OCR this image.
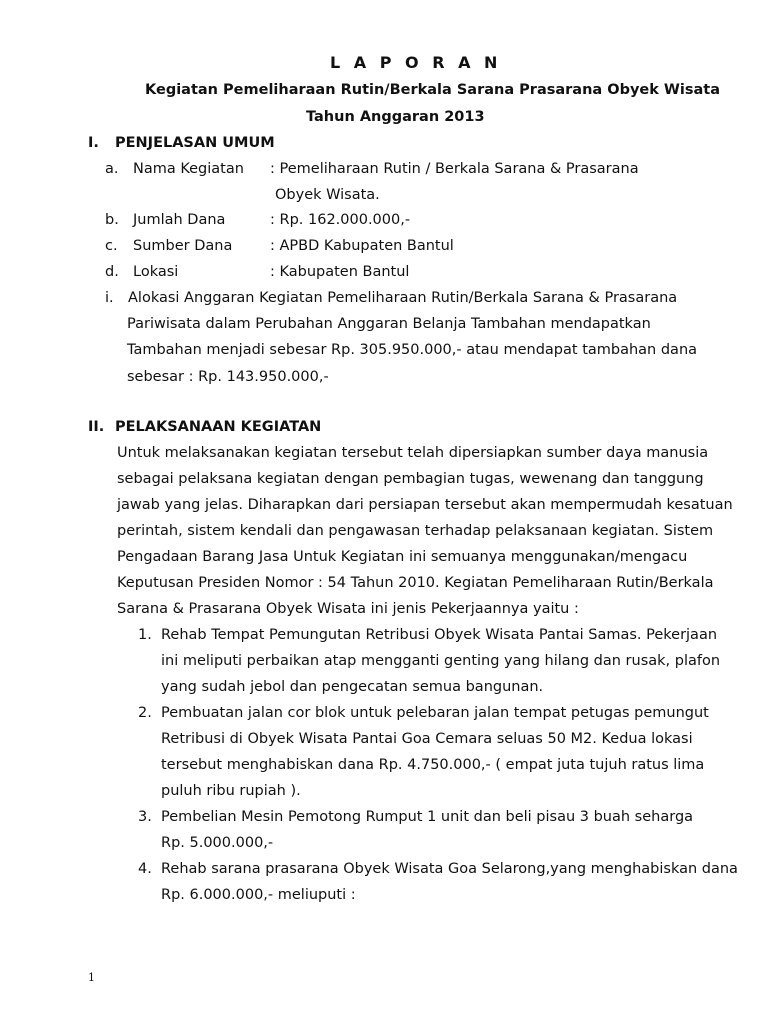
L A P O R A N
Kegiatan Pemeliharaan Rutin/Berkala Sarana Prasarana Obyek Wisata
Tahun Anggaran 2013
I. PENJELASAN UMUM
a. Nama Kegiatan : Pemeliharaan Rutin / Berkala Sarana & Prasarana
Obyek Wisata.
b. Jumlah Dana	: Rp. 162.000.000,-
c. Sumber Dana	: APBD Kabupaten Bantul
d. Lokasi	: Kabupaten Bantul
i. Alokasi Anggaran Kegiatan Pemeliharaan Rutin/Berkala Sarana & Prasarana
Pariwisata dalam Perubahan Anggaran Belanja Tambahan mendapatkan
Tambahan menjadi sebesar Rp. 305.950.000,- atau mendapat tambahan dana
sebesar : Rp. 143.950.000,-
II. PELAKSANAAN KEGIATAN
Untuk melaksanakan kegiatan tersebut telah dipersiapkan sumber daya manusia
sebagai pelaksana kegiatan dengan pembagian tugas, wewenang dan tanggung
jawab yang jelas. Diharapkan dari persiapan tersebut akan mempermudah kesatuan
perintah, sistem kendali dan pengawasan terhadap pelaksanaan kegiatan. Sistem
Pengadaan Barang Jasa Untuk Kegiatan ini semuanya menggunakan/mengacu
Keputusan Presiden Nomor : 54 Tahun 2010. Kegiatan Pemeliharaan Rutin/Berkala
Sarana & Prasarana Obyek Wisata ini jenis Pekerjaannya yaitu :
1. Rehab Tempat Pemungutan Retribusi Obyek Wisata Pantai Samas. Pekerjaan
ini meliputi perbaikan atap mengganti genting yang hilang dan rusak, plafon
yang sudah jebol dan pengecatan semua bangunan.
2. Pembuatan jalan cor blok untuk pelebaran jalan tempat petugas pemungut
Retribusi di Obyek Wisata Pantai Goa Cemara seluas 50 M2. Kedua lokasi
tersebut menghabiskan dana Rp. 4.750.000,- ( empat juta tujuh ratus lima
puluh ribu rupiah ).
3. Pembelian Mesin Pemotong Rumput 1 unit dan beli pisau 3 buah seharga
Rp. 5.000.000,-
4. Rehab sarana prasarana Obyek Wisata Goa Selarong,yang menghabiskan dana
Rp. 6.000.000,- meliuputi :
1
